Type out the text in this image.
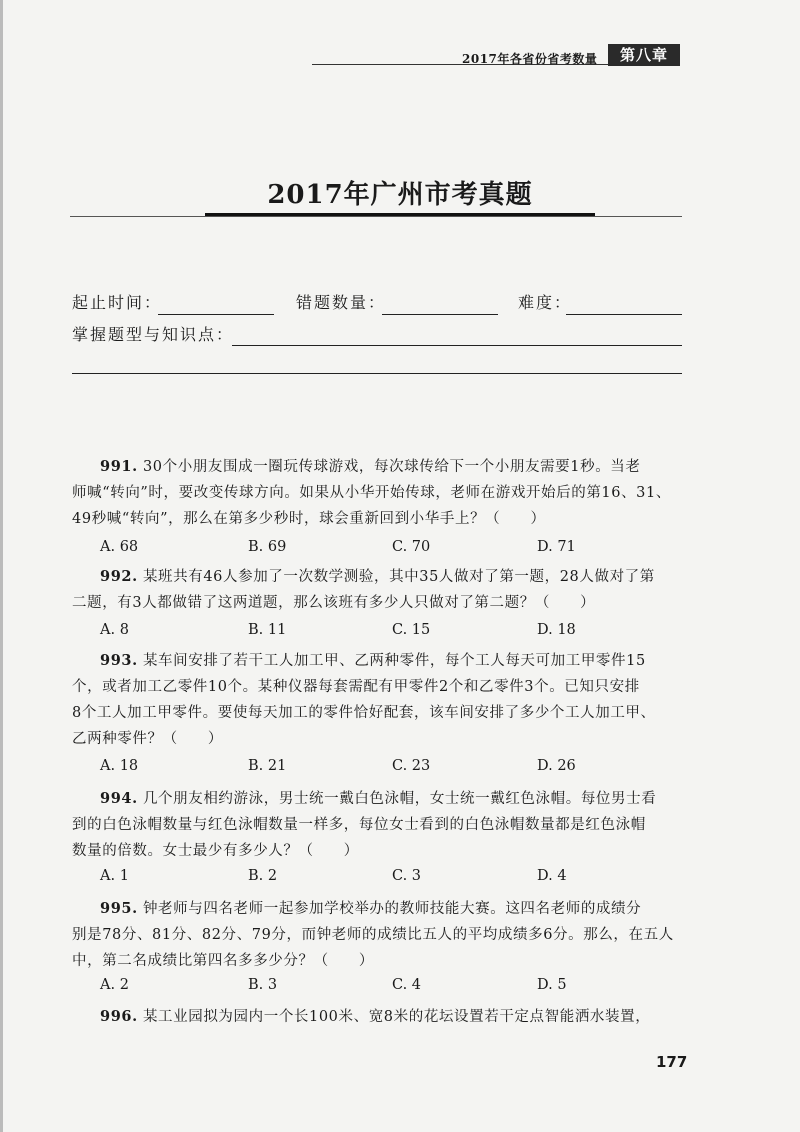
2017年各省份省考数量	第八章
2017年广州市考真题
起止时间：	错题数量：	难度：
掌握题型与知识点：

991. 30个小朋友围成一圈玩传球游戏，每次球传给下一个小朋友需要1秒。当老

师喊“转向”时，要改变传球方向。如果从小华开始传球，老师在游戏开始后的第16、31、

49秒喊“转向”，那么在第多少秒时，球会重新回到小华手上？（　　）

A. 68	B. 69	C. 70	D. 71

992. 某班共有46人参加了一次数学测验，其中35人做对了第一题，28人做对了第

二题，有3人都做错了这两道题，那么该班有多少人只做对了第二题？（　　）

A. 8	B. 11	C. 15	D. 18

993. 某车间安排了若干工人加工甲、乙两种零件，每个工人每天可加工甲零件15

个，或者加工乙零件10个。某种仪器每套需配有甲零件2个和乙零件3个。已知只安排

8个工人加工甲零件。要使每天加工的零件恰好配套，该车间安排了多少个工人加工甲、

乙两种零件？（　　）

A. 18	B. 21	C. 23	D. 26

994. 几个朋友相约游泳，男士统一戴白色泳帽，女士统一戴红色泳帽。每位男士看

到的白色泳帽数量与红色泳帽数量一样多，每位女士看到的白色泳帽数量都是红色泳帽

数量的倍数。女士最少有多少人？（　　）

A. 1	B. 2	C. 3	D. 4

995. 钟老师与四名老师一起参加学校举办的教师技能大赛。这四名老师的成绩分

别是78分、81分、82分、79分，而钟老师的成绩比五人的平均成绩多6分。那么，在五人

中，第二名成绩比第四名多多少分？（　　）

A. 2	B. 3	C. 4	D. 5

996. 某工业园拟为园内一个长100米、宽8米的花坛设置若干定点智能洒水装置，

177
